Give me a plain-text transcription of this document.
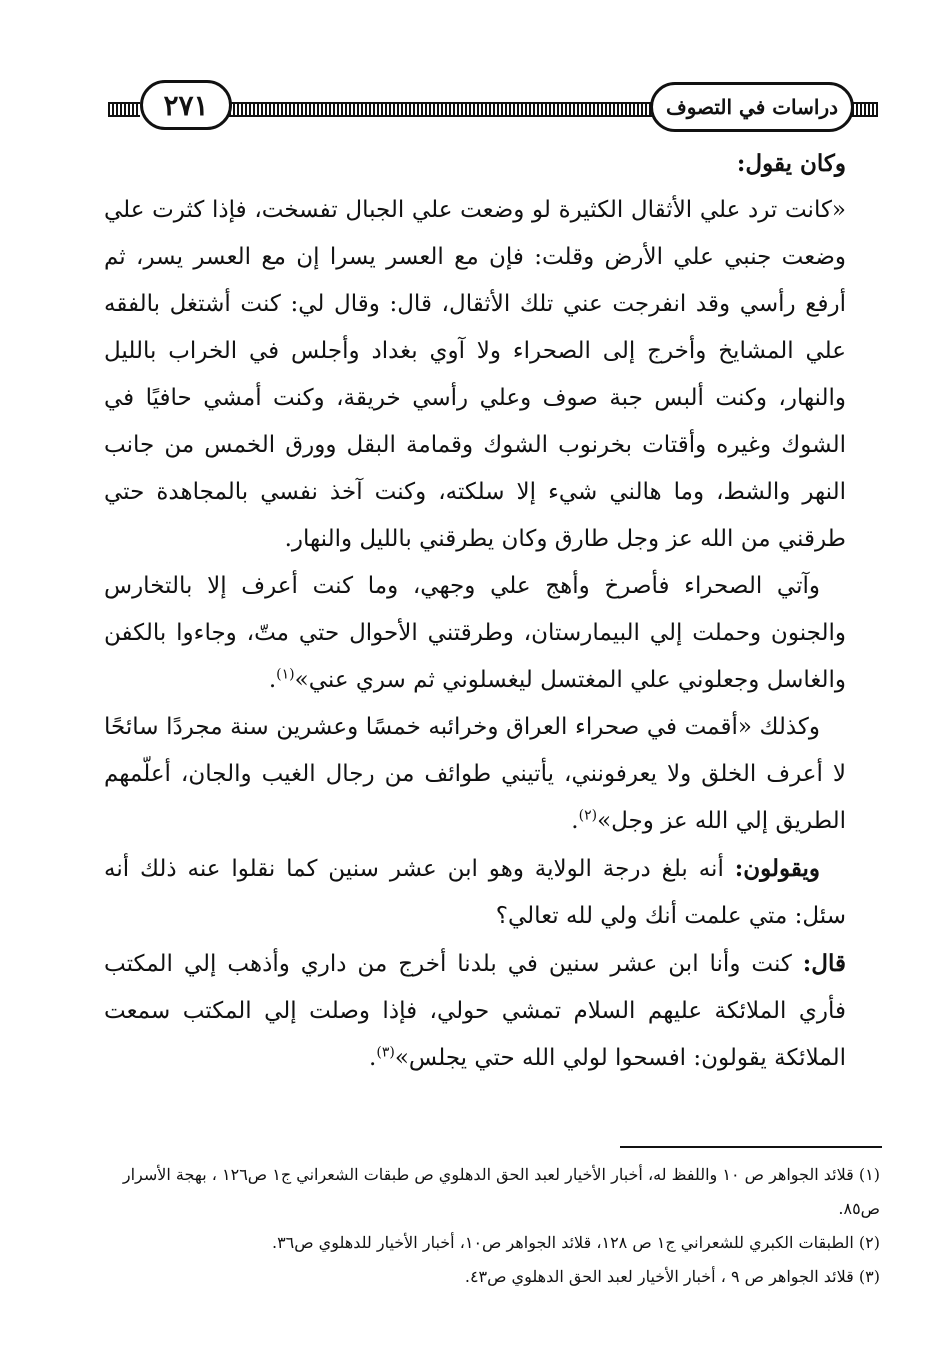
دراسات في التصوف
٢٧١

وكان يقول:

«كانت ترد علي الأثقال الكثيرة لو وضعت علي الجبال تفسخت، فإذا كثرت علي وضعت جنبي علي الأرض وقلت: فإن مع العسر يسرا إن مع العسر يسر، ثم أرفع رأسي وقد انفرجت عني تلك الأثقال، قال: وقال لي: كنت أشتغل بالفقه علي المشايخ وأخرج إلى الصحراء ولا آوي بغداد وأجلس في الخراب بالليل والنهار، وكنت ألبس جبة صوف وعلي رأسي خريقة، وكنت أمشي حافيًا في الشوك وغيره وأقتات بخرنوب الشوك وقمامة البقل وورق الخمس من جانب النهر والشط، وما هالني شيء إلا سلكته، وكنت آخذ نفسي بالمجاهدة حتي طرقني من الله عز وجل طارق وكان يطرقني بالليل والنهار.

وآتي الصحراء فأصرخ وأهج علي وجهي، وما كنت أعرف إلا بالتخارس والجنون وحملت إلي البيمارستان، وطرقتني الأحوال حتي متّ، وجاءوا بالكفن والغاسل وجعلوني علي المغتسل ليغسلوني ثم سري عني»$^{(١)}$.

وكذلك «أقمت في صحراء العراق وخرائبه خمسًا وعشرين سنة مجردًا سائحًا لا أعرف الخلق ولا يعرفونني، يأتيني طوائف من رجال الغيب والجان، أعلّمهم الطريق إلي الله عز وجل»$^{(٢)}$.

ويقولون: أنه بلغ درجة الولاية وهو ابن عشر سنين كما نقلوا عنه ذلك أنه سئل: متي علمت أنك ولي لله تعالي؟

قال: كنت وأنا ابن عشر سنين في بلدنا أخرج من داري وأذهب إلي المكتب فأري الملائكة عليهم السلام تمشي حولي، فإذا وصلت إلي المكتب سمعت الملائكة يقولون: افسحوا لولي الله حتي يجلس»$^{(٣)}$.

(١) قلائد الجواهر ص ١٠ واللفظ له، أخبار الأخيار لعبد الحق الدهلوي ص طبقات الشعراني ج١ ص١٢٦ ، بهجة الأسرار ص٨٥.

(٢) الطبقات الكبري للشعراني ج١ ص ١٢٨، قلائد الجواهر ص١٠، أخبار الأخيار للدهلوي ص٣٦.

(٣) قلائد الجواهر ص ٩ ، أخبار الأخيار لعبد الحق الدهلوي ص٤٣.
